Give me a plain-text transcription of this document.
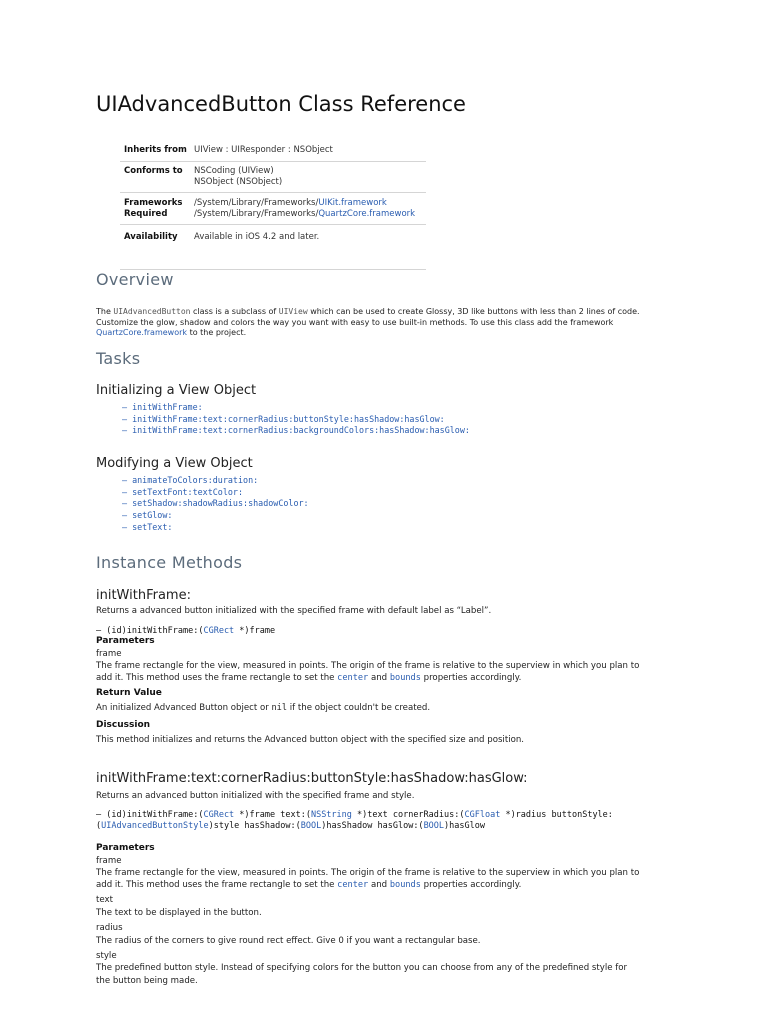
UIAdvancedButton Class Reference
Inherits from UIView : UIResponder : NSObject
Conforms to NSCoding (UIView)
NSObject (NSObject)
Frameworks
Required
/System/Library/Frameworks/UIKit.framework
/System/Library/Frameworks/QuartzCore.framework
Availability Available in iOS 4.2 and later.
Overview
The UIAdvancedButton class is a subclass of UIView which can be used to create Glossy, 3D like buttons with less than 2 lines of code.
Customize the glow, shadow and colors the way you want with easy to use built-in methods. To use this class add the framework
QuartzCore.framework to the project.
Tasks
Initializing a View Object
– initWithFrame:
– initWithFrame:text:cornerRadius:buttonStyle:hasShadow:hasGlow:
– initWithFrame:text:cornerRadius:backgroundColors:hasShadow:hasGlow:
Modifying a View Object
– animateToColors:duration:
– setTextFont:textColor:
– setShadow:shadowRadius:shadowColor:
– setGlow:
– setText:
Instance Methods
initWithFrame:
Returns a advanced button initialized with the specified frame with default label as “Label”.
– (id)initWithFrame:(CGRect *)frame
Parameters
frame
The frame rectangle for the view, measured in points. The origin of the frame is relative to the superview in which you plan to
add it. This method uses the frame rectangle to set the center and bounds properties accordingly.
Return Value
An initialized Advanced Button object or nil if the object couldn't be created.
Discussion
This method initializes and returns the Advanced button object with the specified size and position.
initWithFrame:text:cornerRadius:buttonStyle:hasShadow:hasGlow:
Returns an advanced button initialized with the specified frame and style.
– (id)initWithFrame:(CGRect *)frame text:(NSString *)text cornerRadius:(CGFloat *)radius buttonStyle:
(UIAdvancedButtonStyle)style hasShadow:(BOOL)hasShadow hasGlow:(BOOL)hasGlow
Parameters
frame
The frame rectangle for the view, measured in points. The origin of the frame is relative to the superview in which you plan to
add it. This method uses the frame rectangle to set the center and bounds properties accordingly.
text
The text to be displayed in the button.
radius
The radius of the corners to give round rect effect. Give 0 if you want a rectangular base.
style
The predefined button style. Instead of specifying colors for the button you can choose from any of the predefined style for
the button being made.
